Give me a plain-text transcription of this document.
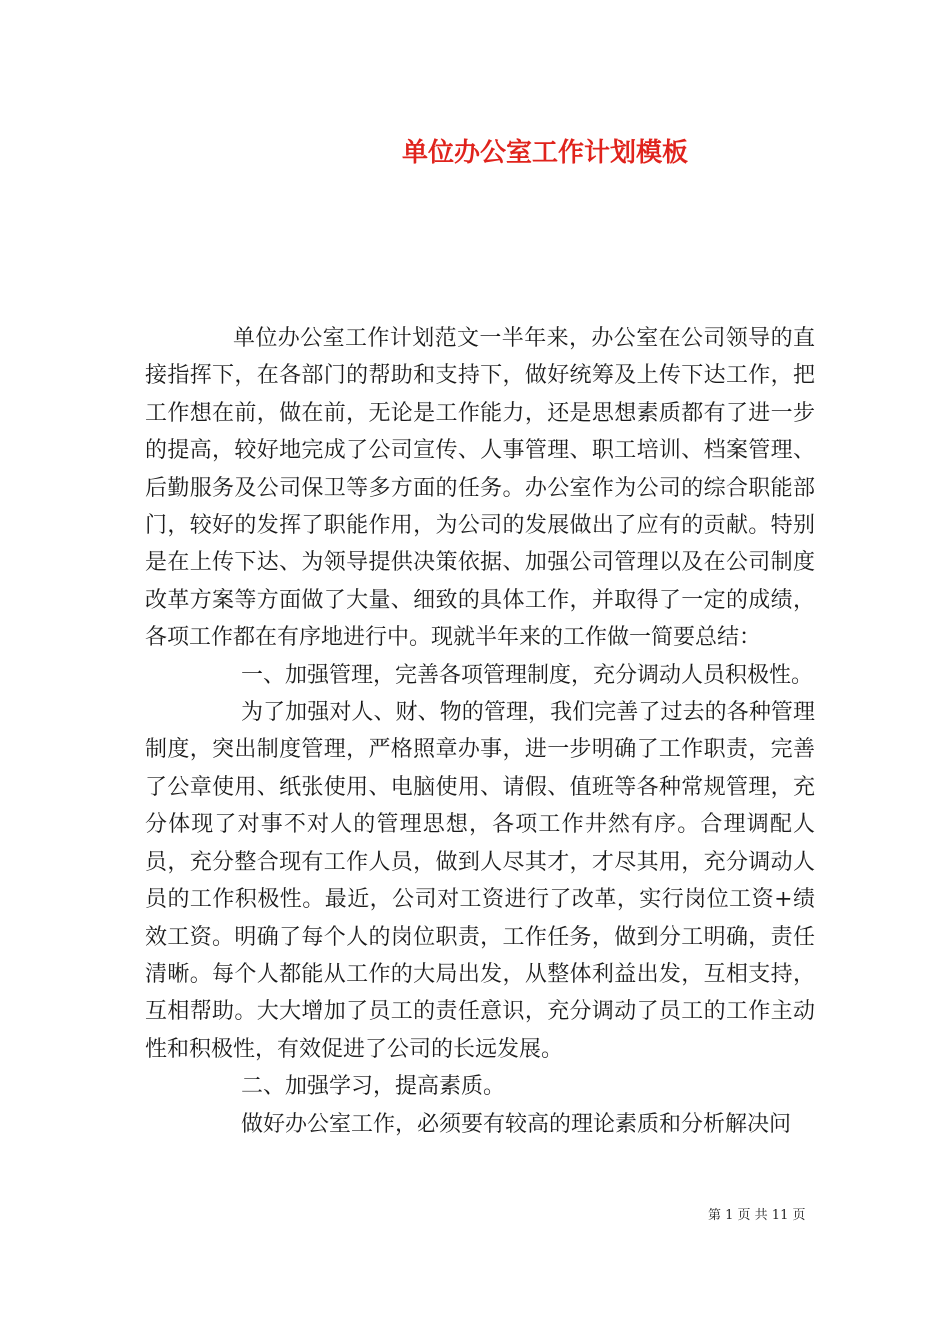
单位办公室工作计划模板

单位办公室工作计划范文一半年来，办公室在公司领导的直接指挥下，在各部门的帮助和支持下，做好统筹及上传下达工作，把工作想在前，做在前，无论是工作能力，还是思想素质都有了进一步的提高，较好地完成了公司宣传、人事管理、职工培训、档案管理、后勤服务及公司保卫等多方面的任务。办公室作为公司的综合职能部门，较好的发挥了职能作用，为公司的发展做出了应有的贡献。特别是在上传下达、为领导提供决策依据、加强公司管理以及在公司制度改革方案等方面做了大量、细致的具体工作，并取得了一定的成绩，各项工作都在有序地进行中。现就半年来的工作做一简要总结：

一、加强管理，完善各项管理制度，充分调动人员积极性。

为了加强对人、财、物的管理，我们完善了过去的各种管理制度，突出制度管理，严格照章办事，进一步明确了工作职责，完善了公章使用、纸张使用、电脑使用、请假、值班等各种常规管理，充分体现了对事不对人的管理思想，各项工作井然有序。合理调配人员，充分整合现有工作人员，做到人尽其才，才尽其用，充分调动人员的工作积极性。最近，公司对工资进行了改革，实行岗位工资+绩效工资。明确了每个人的岗位职责，工作任务，做到分工明确，责任清晰。每个人都能从工作的大局出发，从整体利益出发，互相支持，互相帮助。大大增加了员工的责任意识，充分调动了员工的工作主动性和积极性，有效促进了公司的长远发展。

二、加强学习，提高素质。

做好办公室工作，必须要有较高的理论素质和分析解决问

第 1 页 共 11 页
